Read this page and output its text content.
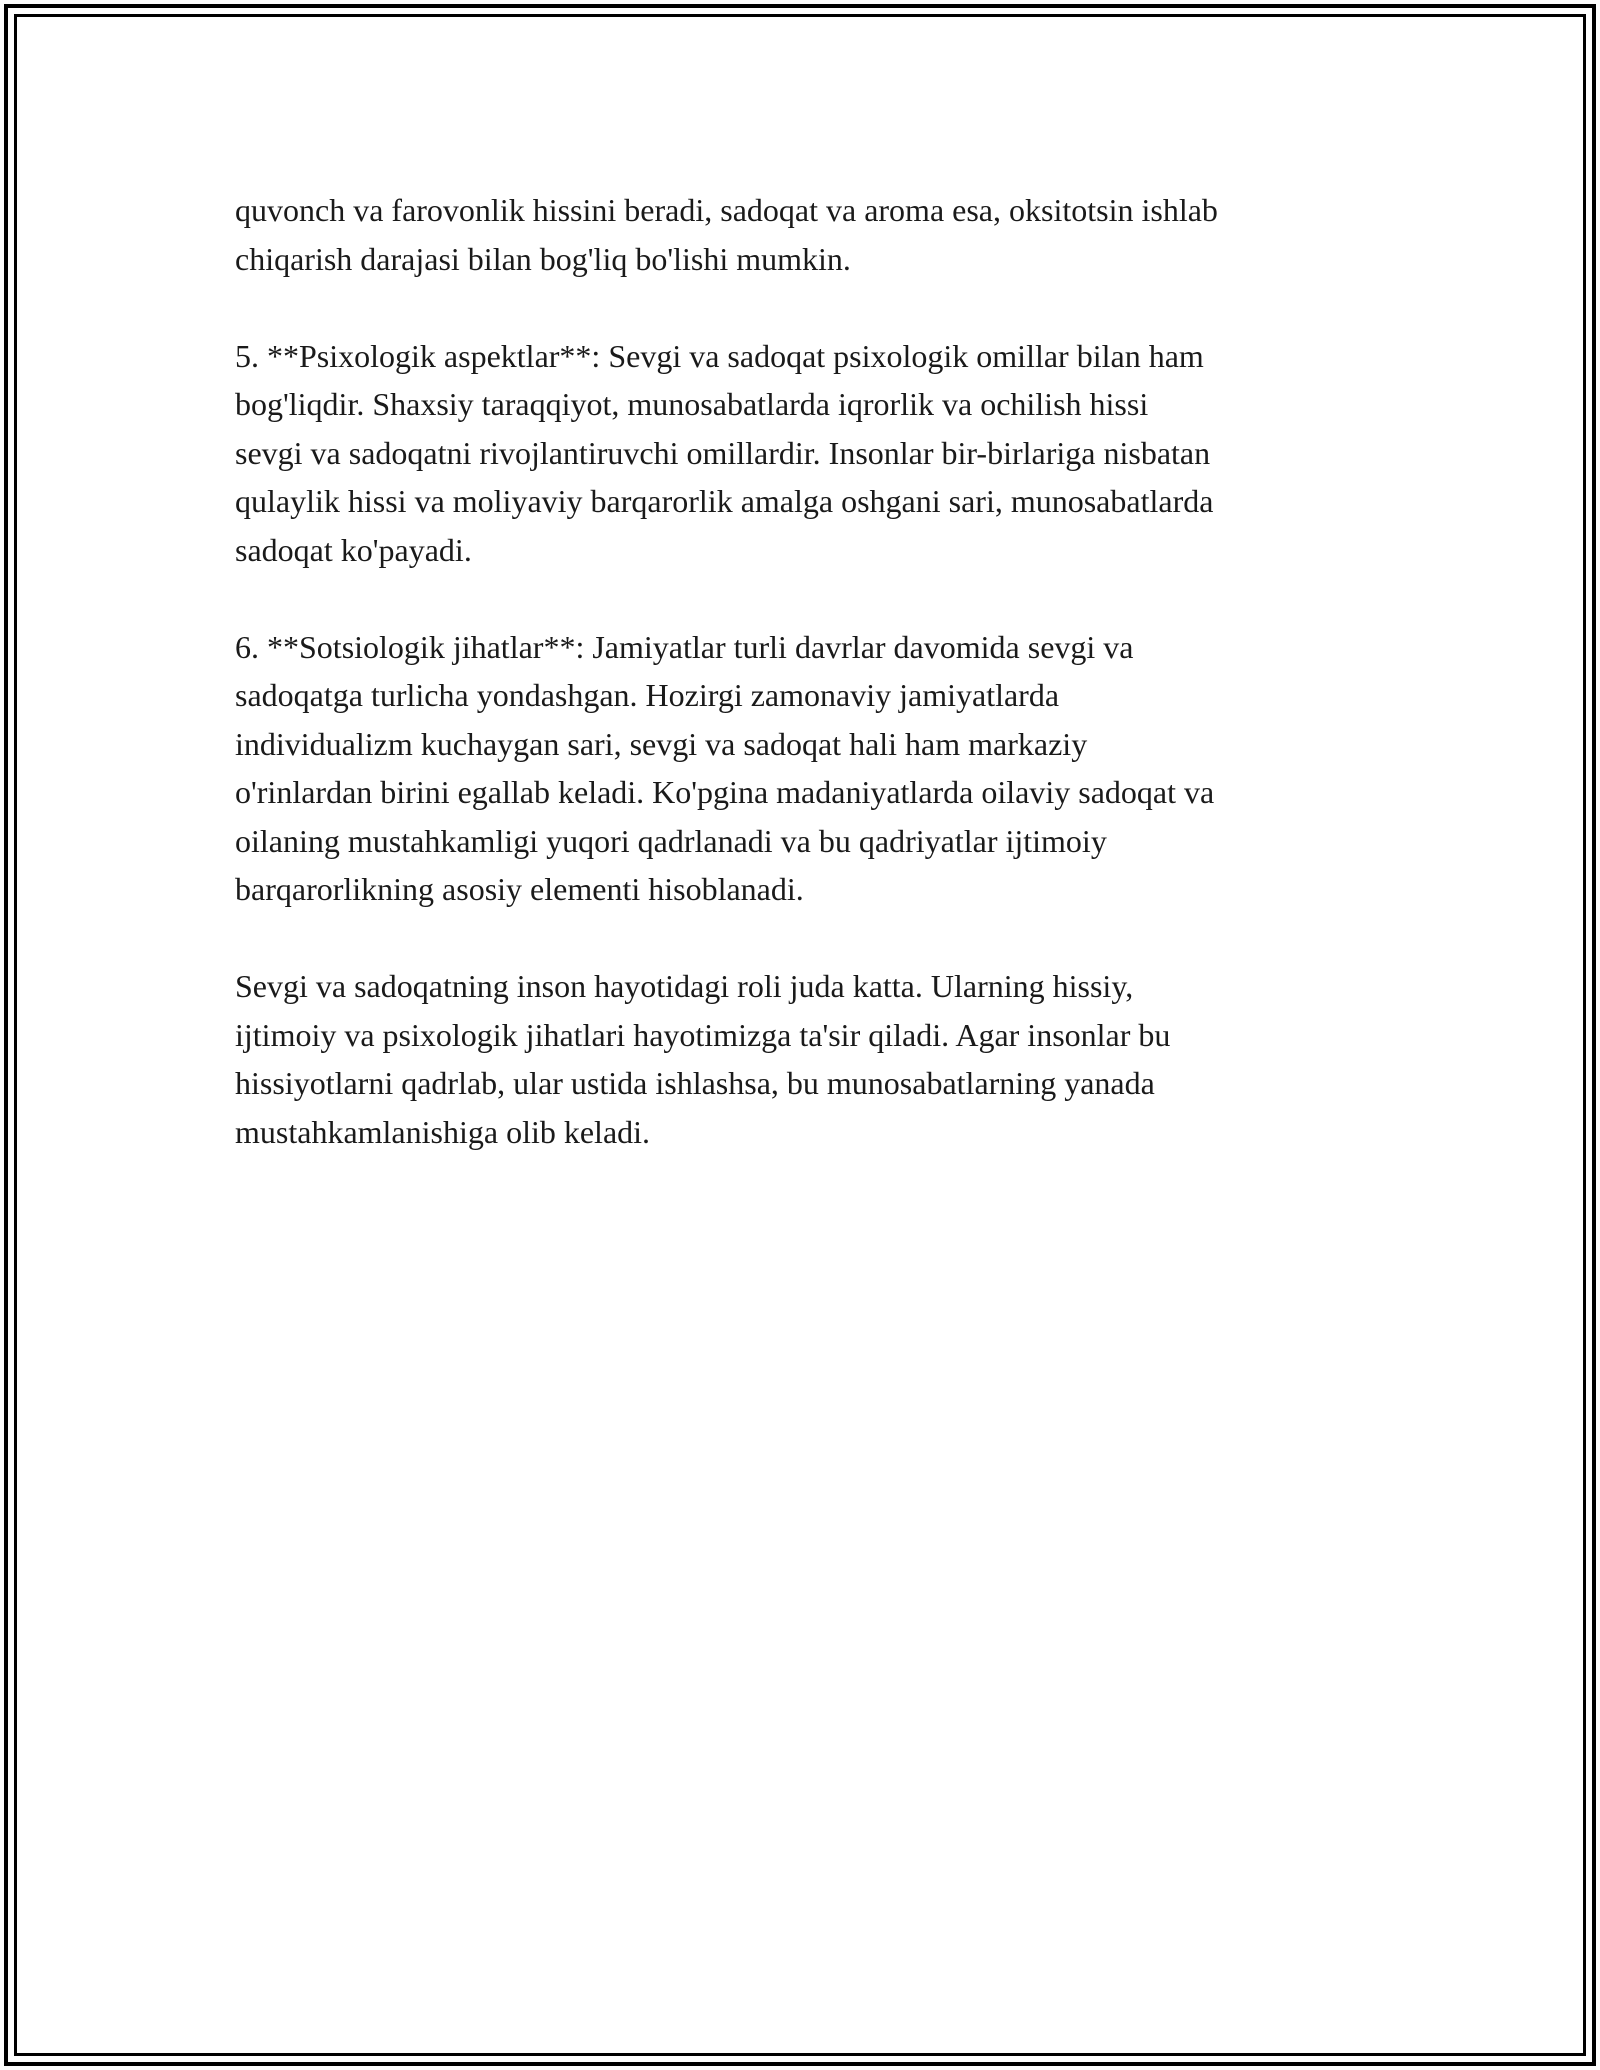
quvonch va farovonlik hissini beradi, sadoqat va aroma esa, oksitotsin ishlab
chiqarish darajasi bilan bog'liq bo'lishi mumkin.

5. **Psixologik aspektlar**: Sevgi va sadoqat psixologik omillar bilan ham
bog'liqdir. Shaxsiy taraqqiyot, munosabatlarda iqrorlik va ochilish hissi
sevgi va sadoqatni rivojlantiruvchi omillardir. Insonlar bir-birlariga nisbatan
qulaylik hissi va moliyaviy barqarorlik amalga oshgani sari, munosabatlarda
sadoqat ko'payadi.

6. **Sotsiologik jihatlar**: Jamiyatlar turli davrlar davomida sevgi va
sadoqatga turlicha yondashgan. Hozirgi zamonaviy jamiyatlarda
individualizm kuchaygan sari, sevgi va sadoqat hali ham markaziy
o'rinlardan birini egallab keladi. Ko'pgina madaniyatlarda oilaviy sadoqat va
oilaning mustahkamligi yuqori qadrlanadi va bu qadriyatlar ijtimoiy
barqarorlikning asosiy elementi hisoblanadi.

Sevgi va sadoqatning inson hayotidagi roli juda katta. Ularning hissiy,
ijtimoiy va psixologik jihatlari hayotimizga ta'sir qiladi. Agar insonlar bu
hissiyotlarni qadrlab, ular ustida ishlashsa, bu munosabatlarning yanada
mustahkamlanishiga olib keladi.
